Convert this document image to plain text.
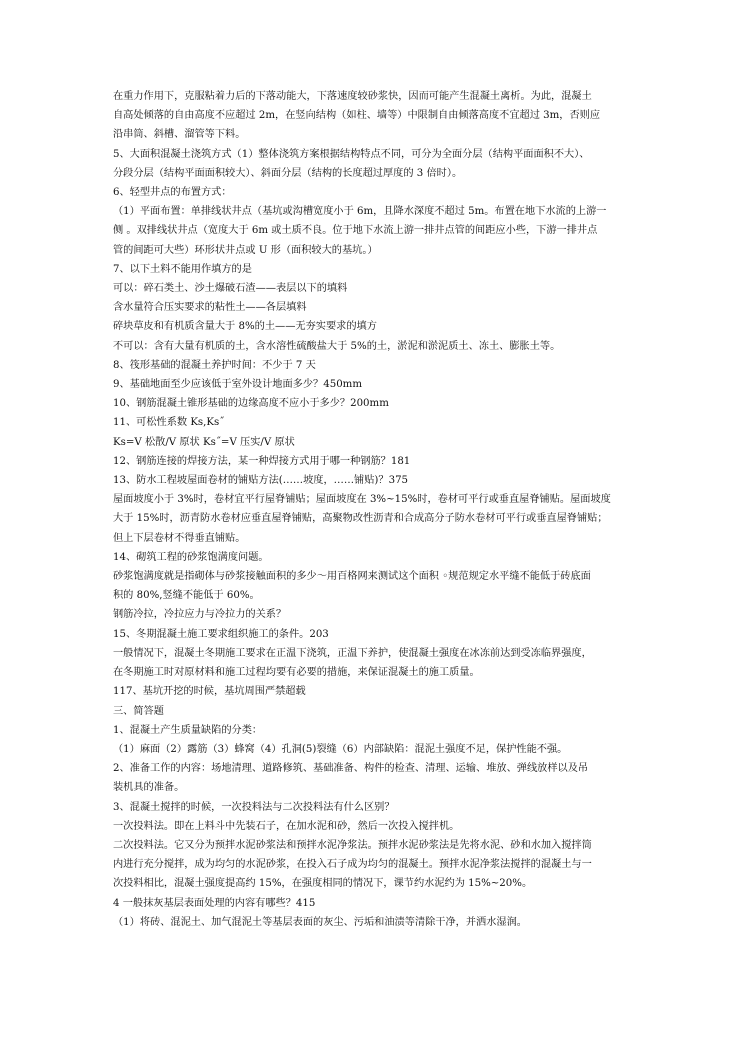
在重力作用下，克服粘着力后的下落动能大，下落速度较砂浆快，因而可能产生混凝土离析。为此，混凝土

自高处倾落的自由高度不应超过 2m，在竖向结构（如柱、墙等）中限制自由倾落高度不宜超过 3m，否则应

沿串筒、斜槽、溜管等下料。

5、大面积混凝土浇筑方式（1）整体浇筑方案根据结构特点不同，可分为全面分层（结构平面面积不大）、

分段分层（结构平面面积较大）、斜面分层（结构的长度超过厚度的 3 倍时）。

6、轻型井点的布置方式：

（1）平面布置：单排线状井点（基坑或沟槽宽度小于 6m，且降水深度不超过 5m。布置在地下水流的上游一

侧 。双排线状井点（宽度大于 6m 或土质不良。位于地下水流上游一排井点管的间距应小些，下游一排井点

管的间距可大些）环形状井点或 U 形（面积较大的基坑。）

7、以下土料不能用作填方的是

可以：碎石类土、沙土爆破石渣——表层以下的填料

含水量符合压实要求的粘性土——各层填料

碎块草皮和有机质含量大于 8%的土——无夯实要求的填方

不可以：含有大量有机质的土，含水溶性硫酸盐大于 5%的土，淤泥和淤泥质土、冻土、膨胀土等。

8、筏形基础的混凝土养护时间：不少于 7 天

9、基础地面至少应该低于室外设计地面多少？450mm

10、钢筋混凝土锥形基础的边缘高度不应小于多少？200mm

11、可松性系数 Ks,Ks˝

Ks=V 松散/V 原状 Ks˝=V 压实/V 原状

12、钢筋连接的焊接方法，某一种焊接方式用于哪一种钢筋？181

13、防水工程坡屋面卷材的铺贴方法(……坡度，……铺贴)？375

屋面坡度小于 3%时，卷材宜平行屋脊铺贴；屋面坡度在 3%~15%时，卷材可平行或垂直屋脊铺贴。屋面坡度

大于 15%时，沥青防水卷材应垂直屋脊铺贴，高聚物改性沥青和合成高分子防水卷材可平行或垂直屋脊铺贴；

但上下层卷材不得垂直铺贴。

14、砌筑工程的砂浆饱满度问题。

砂浆饱满度就是指砌体与砂浆接触面积的多少～用百格网来测试这个面积 ◦规范规定水平缝不能低于砖底面

积的 80%,竖缝不能低于 60%。

钢筋冷拉，冷拉应力与冷拉力的关系？

15、冬期混凝土施工要求组织施工的条件。203

一般情况下，混凝土冬期施工要求在正温下浇筑，正温下养护，使混凝土强度在冰冻前达到受冻临界强度，

在冬期施工时对原材料和施工过程均要有必要的措施，来保证混凝土的施工质量。

117、基坑开挖的时候，基坑周围严禁超载

三、简答题

1、混凝土产生质量缺陷的分类：

（1）麻面（2）露筋（3）蜂窝（4）孔洞(5)裂缝（6）内部缺陷：混泥土强度不足，保护性能不强。

2、准备工作的内容：场地清理、道路修筑、基础准备、构件的检查、清理、运输、堆放、弹线放样以及吊

装机具的准备。

3、混凝土搅拌的时候，一次投料法与二次投料法有什么区别？

一次投料法。即在上料斗中先装石子，在加水泥和砂，然后一次投入搅拌机。

二次投料法。它又分为预拌水泥砂浆法和预拌水泥净浆法。预拌水泥砂浆法是先将水泥、砂和水加入搅拌筒

内进行充分搅拌，成为均匀的水泥砂浆，在投入石子成为均匀的混凝土。预拌水泥净浆法搅拌的混凝土与一

次投料相比，混凝土强度提高约 15%，在强度相同的情况下，课节约水泥约为 15%~20%。

4 一般抹灰基层表面处理的内容有哪些？415

（1）将砖、混泥土、加气混泥土等基层表面的灰尘、污垢和油渍等清除干净，并洒水湿润。
